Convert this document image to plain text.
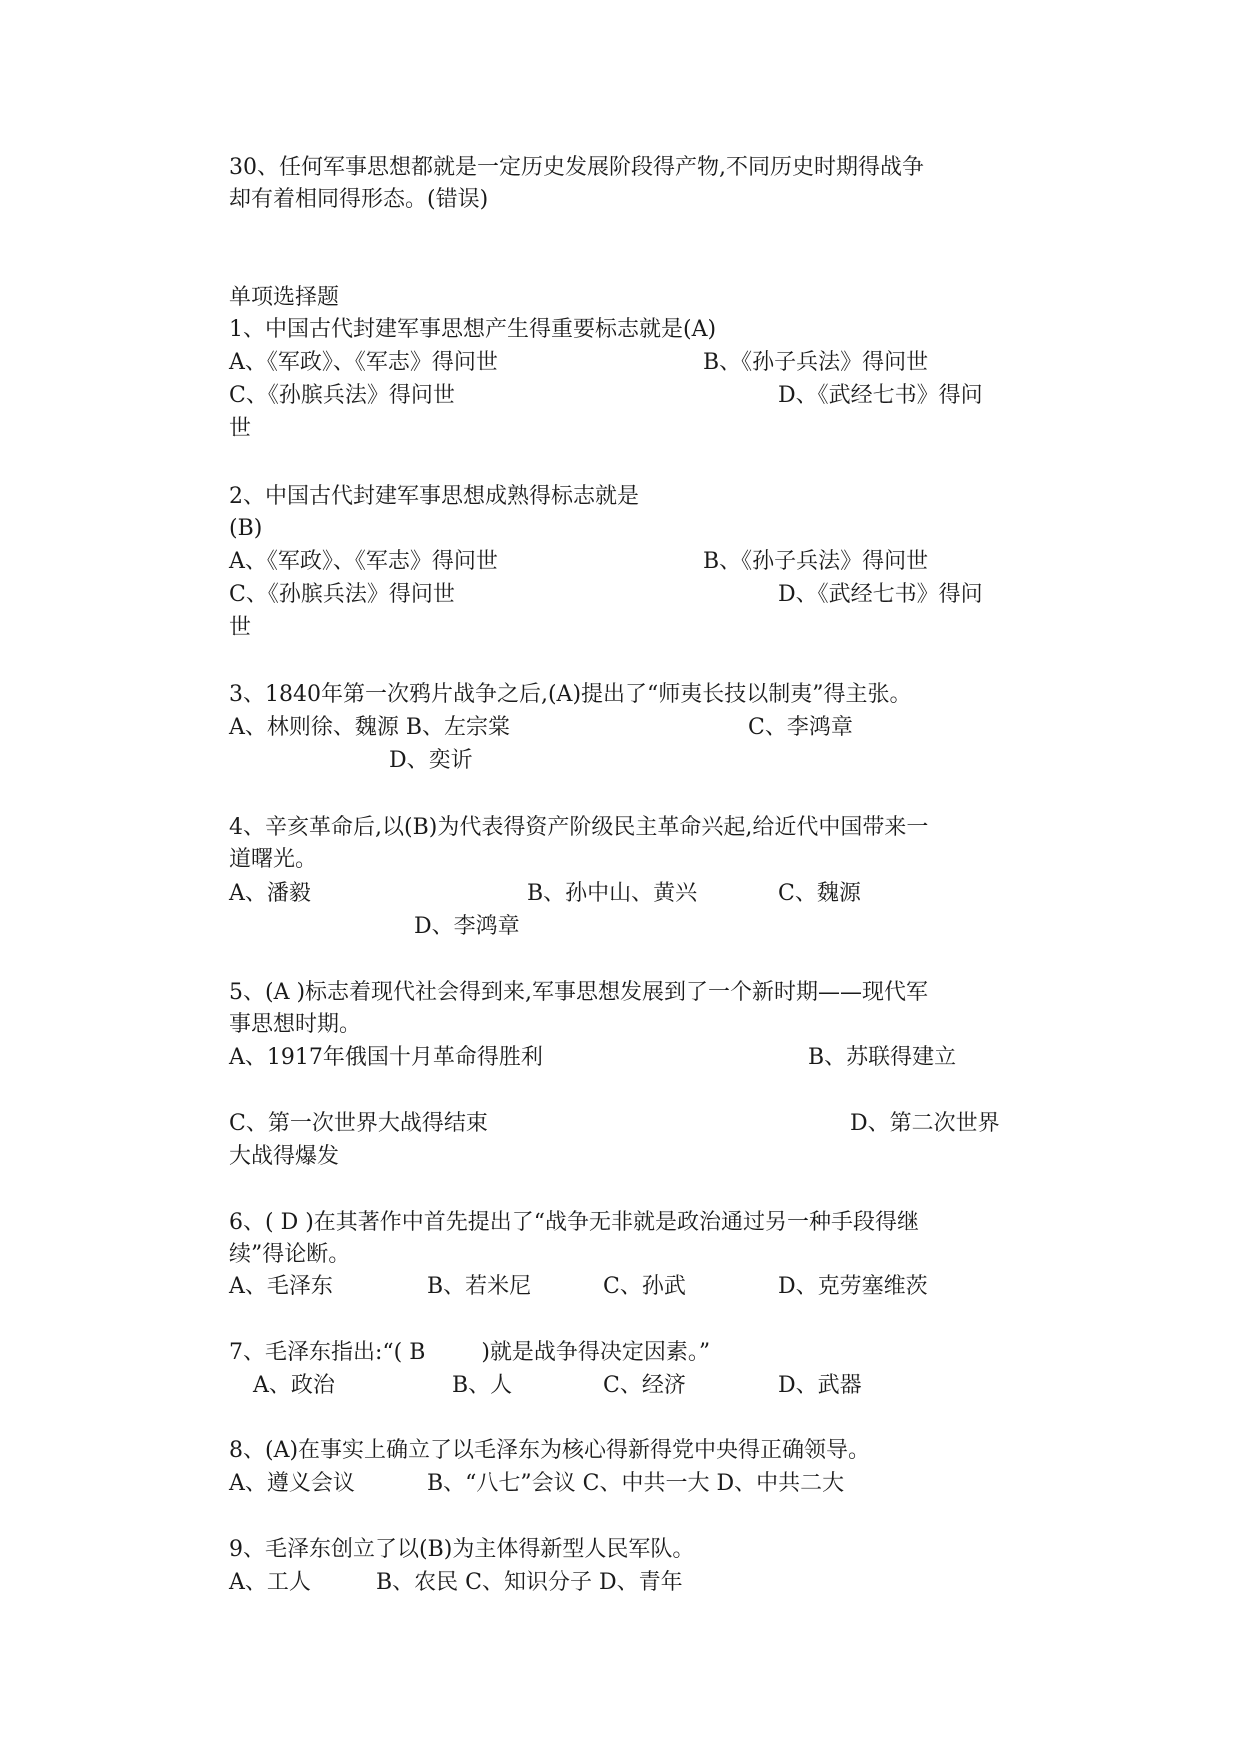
30、任何军事思想都就是一定历史发展阶段得产物,不同历史时期得战争
却有着相同得形态。(错误)
单项选择题
1、中国古代封建军事思想产生得重要标志就是(A)
A、《军政》、《军志》得问世	B、《孙子兵法》得问世
C、《孙膑兵法》得问世	D、《武经七书》得问
世
2、中国古代封建军事思想成熟得标志就是
(B)
A、《军政》、《军志》得问世	B、《孙子兵法》得问世
C、《孙膑兵法》得问世	D、《武经七书》得问
世
3、1840年第一次鸦片战争之后,(A)提出了“师夷长技以制夷”得主张。
A、林则徐、魏源 B、左宗棠	C、李鸿章
D、奕䜣
4、辛亥革命后,以(B)为代表得资产阶级民主革命兴起,给近代中国带来一
道曙光。
A、潘毅	B、孙中山、黄兴	C、魏源
D、李鸿章
5、(A )标志着现代社会得到来,军事思想发展到了一个新时期——现代军
事思想时期。
A、1917年俄国十月革命得胜利	B、苏联得建立
C、第一次世界大战得结束	D、第二次世界
大战得爆发
6、( D )在其著作中首先提出了“战争无非就是政治通过另一种手段得继
续”得论断。
A、毛泽东	B、若米尼	C、孙武	D、克劳塞维茨
7、毛泽东指出:“( B        )就是战争得决定因素。”
A、政治	B、人	C、经济	D、武器
8、(A)在事实上确立了以毛泽东为核心得新得党中央得正确领导。
A、遵义会议	B、“八七”会议 C、中共一大 D、中共二大
9、毛泽东创立了以(B)为主体得新型人民军队。
A、工人	B、农民 C、知识分子 D、青年
